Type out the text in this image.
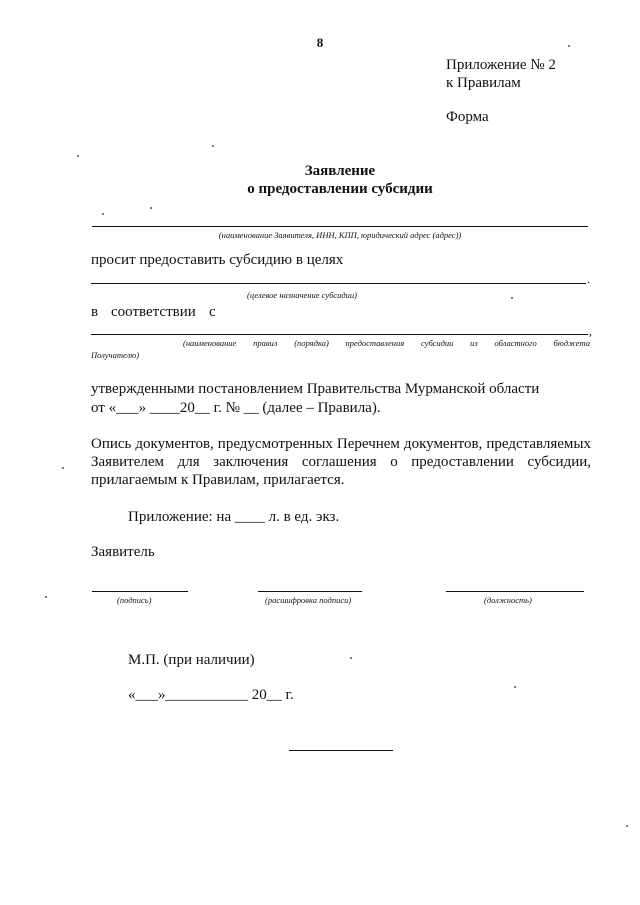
8
Приложение № 2
к Правилам
Форма
Заявление
о предоставлении субсидии
(наименование Заявителя, ИНН, КПП, юридический адрес (адрес))
просит предоставить субсидию в целях
.
(целевое назначение субсидии)
в соответствии с
,
(наименование правил (порядка) предоставления субсидии из областного бюджета
Получателю)
утвержденными постановлением Правительства Мурманской области
от «___» ____20__ г. № __ (далее – Правила).
Опись документов, предусмотренных Перечнем документов, представляемых
Заявителем для заключения соглашения о предоставлении субсидии,
прилагаемым к Правилам, прилагается.
Приложение: на ____ л. в ед. экз.
Заявитель
(подпись)	(расшифровка подписи)	(должность)
М.П. (при наличии)
«___»___________ 20__ г.
